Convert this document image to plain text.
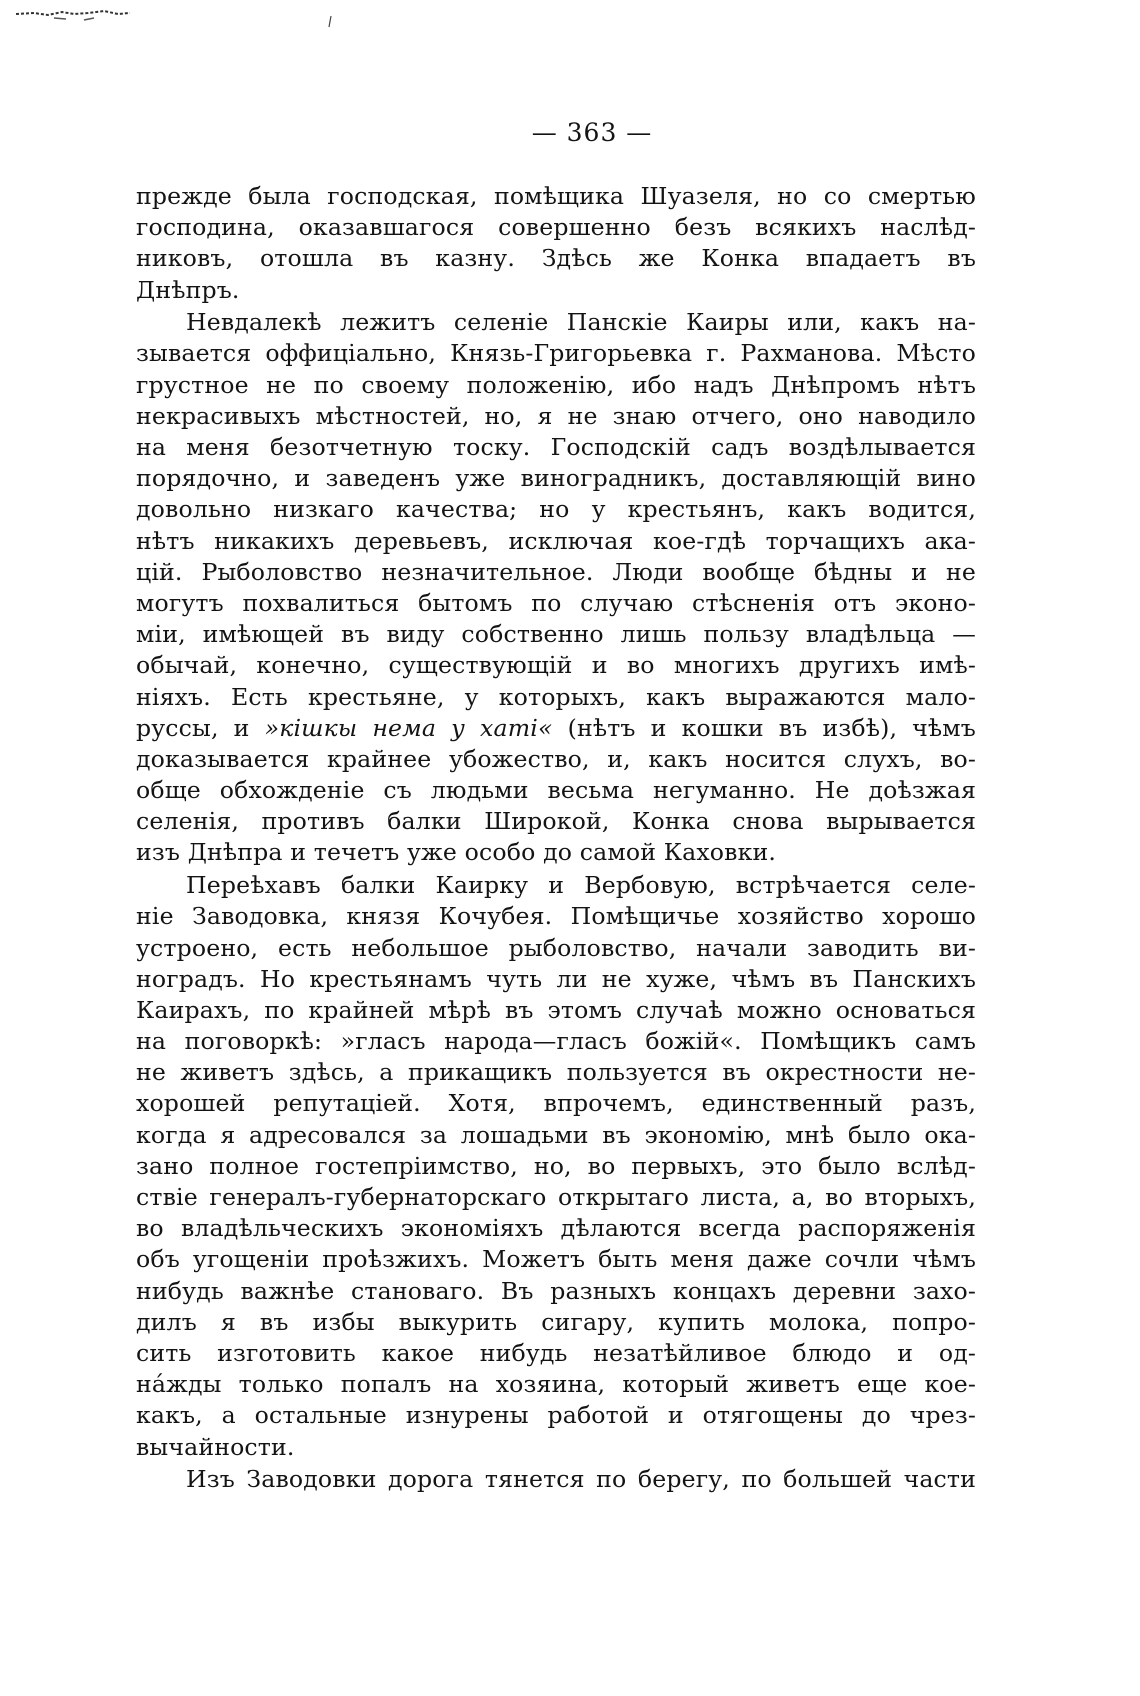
— 363 —
прежде была господская, помѣщика Шуазеля, но со смертью
господина, оказавшагося совершенно безъ всякихъ наслѣд-
никовъ, отошла въ казну. Здѣсь же Конка впадаетъ въ
Днѣпръ.
Невдалекѣ лежитъ селеніе Панскіе Каиры или, какъ на-
зывается оффиціально, Князь-Григорьевка г. Рахманова. Мѣсто
грустное не по своему положенію, ибо надъ Днѣпромъ нѣтъ
некрасивыхъ мѣстностей, но, я не знаю отчего, оно наводило
на меня безотчетную тоску. Господскій садъ воздѣлывается
порядочно, и заведенъ уже виноградникъ, доставляющій вино
довольно низкаго качества; но у крестьянъ, какъ водится,
нѣтъ никакихъ деревьевъ, исключая кое-гдѣ торчащихъ ака-
цій. Рыболовство незначительное. Люди вообще бѣдны и не
могутъ похвалиться бытомъ по случаю стѣсненія отъ эконо-
міи, имѣющей въ виду собственно лишь пользу владѣльца —
обычай, конечно, существующій и во многихъ другихъ имѣ-
ніяхъ. Есть крестьяне, у которыхъ, какъ выражаются мало-
руссы, и »кішкы нема у хаті« (нѣтъ и кошки въ избѣ), чѣмъ
доказывается крайнее убожество, и, какъ носится слухъ, во-
обще обхожденіе съ людьми весьма негуманно. Не доѣзжая
селенія, противъ балки Широкой, Конка снова вырывается
изъ Днѣпра и течетъ уже особо до самой Каховки.
Переѣхавъ балки Каирку и Вербовую, встрѣчается селе-
ніе Заводовка, князя Кочубея. Помѣщичье хозяйство хорошо
устроено, есть небольшое рыболовство, начали заводить ви-
ноградъ. Но крестьянамъ чуть ли не хуже, чѣмъ въ Панскихъ
Каирахъ, по крайней мѣрѣ въ этомъ случаѣ можно основаться
на поговоркѣ: »гласъ народа—гласъ божій«. Помѣщикъ самъ
не живетъ здѣсь, а прикащикъ пользуется въ окрестности не-
хорошей репутаціей. Хотя, впрочемъ, единственный разъ,
когда я адресовался за лошадьми въ экономію, мнѣ было ока-
зано полное гостепріимство, но, во первыхъ, это было вслѣд-
ствіе генералъ-губернаторскаго открытаго листа, а, во вторыхъ,
во владѣльческихъ экономіяхъ дѣлаются всегда распоряженія
объ угощеніи проѣзжихъ. Можетъ быть меня даже сочли чѣмъ
нибудь важнѣе становаго. Въ разныхъ концахъ деревни захо-
дилъ я въ избы выкурить сигару, купить молока, попро-
сить изготовить какое нибудь незатѣйливое блюдо и од-
нáжды только попалъ на хозяина, который живетъ еще кое-
какъ, а остальные изнурены работой и отягощены до чрез-
вычайности.
Изъ Заводовки дорога тянется по берегу, по большей части
